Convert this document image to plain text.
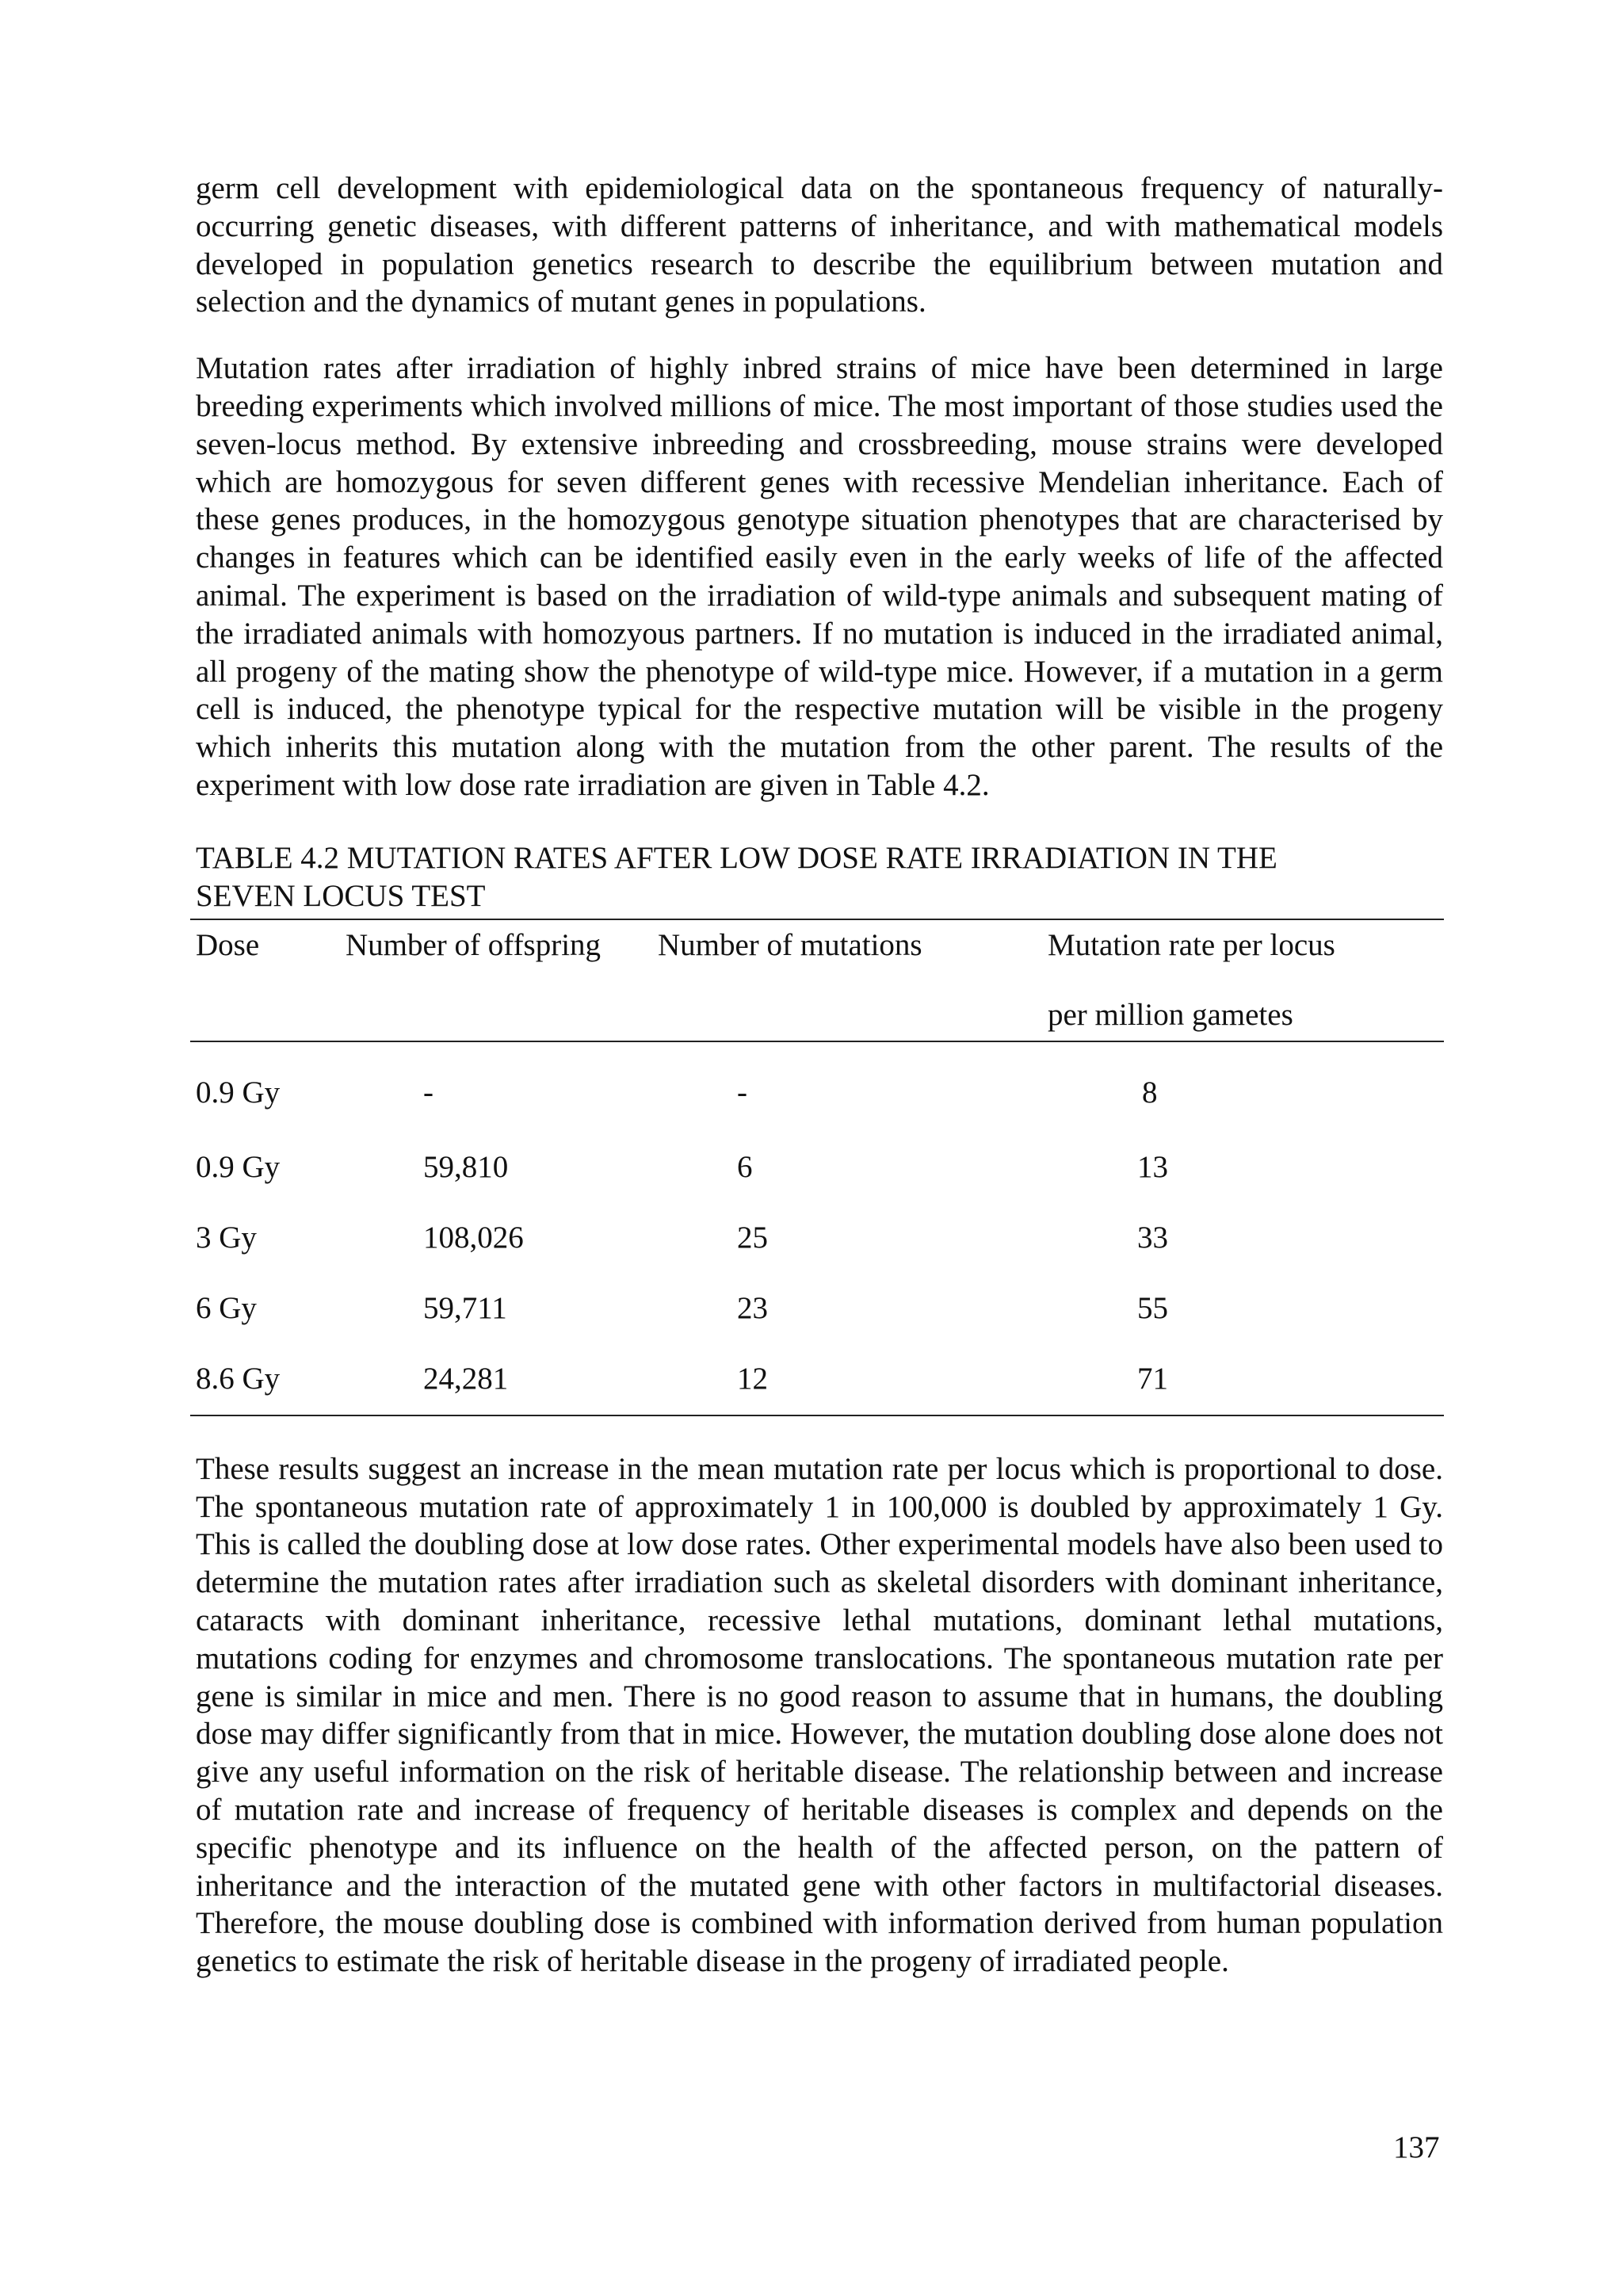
germ cell development with epidemiological data on the spontaneous frequency of naturally-occurring genetic diseases, with different patterns of inheritance, and with mathematical models developed in population genetics research to describe the equilibrium between mutation and selection and the dynamics of mutant genes in populations.

Mutation rates after irradiation of highly inbred strains of mice have been determined in large breeding experiments which involved millions of mice. The most important of those studies used the seven-locus method. By extensive inbreeding and crossbreeding, mouse strains were developed which are homozygous for seven different genes with recessive Mendelian inheritance. Each of these genes produces, in the homozygous genotype situation phenotypes that are characterised by changes in features which can be identified easily even in the early weeks of life of the affected animal. The experiment is based on the irradiation of wild-type animals and subsequent mating of the irradiated animals with homozyous partners. If no mutation is induced in the irradiated animal, all progeny of the mating show the phenotype of wild-type mice. However, if a mutation in a germ cell is induced, the phenotype typical for the respective mutation will be visible in the progeny which inherits this mutation along with the mutation from the other parent. The results of the experiment with low dose rate irradiation are given in Table 4.2.

TABLE 4.2 MUTATION RATES AFTER LOW DOSE RATE IRRADIATION IN THE
SEVEN LOCUS TEST
Dose	Number of offspring	Number of mutations	Mutation rate per locus
per million gametes

0.9 Gy	-	-	8
0.9 Gy	59,810	6	13
3 Gy	108,026	25	33
6 Gy	59,711	23	55
8.6 Gy	24,281	12	71

These results suggest an increase in the mean mutation rate per locus which is proportional to dose. The spontaneous mutation rate of approximately 1 in 100,000 is doubled by approximately 1 Gy. This is called the doubling dose at low dose rates. Other experimental models have also been used to determine the mutation rates after irradiation such as skeletal disorders with dominant inheritance, cataracts with dominant inheritance, recessive lethal mutations, dominant lethal mutations, mutations coding for enzymes and chromosome translocations. The spontaneous mutation rate per gene is similar in mice and men. There is no good reason to assume that in humans, the doubling dose may differ significantly from that in mice. However, the mutation doubling dose alone does not give any useful information on the risk of heritable disease. The relationship between and increase of mutation rate and increase of frequency of heritable diseases is complex and depends on the specific phenotype and its influence on the health of the affected person, on the pattern of inheritance and the interaction of the mutated gene with other factors in multifactorial diseases. Therefore, the mouse doubling dose is combined with information derived from human population genetics to estimate the risk of heritable disease in the progeny of irradiated people.

137
